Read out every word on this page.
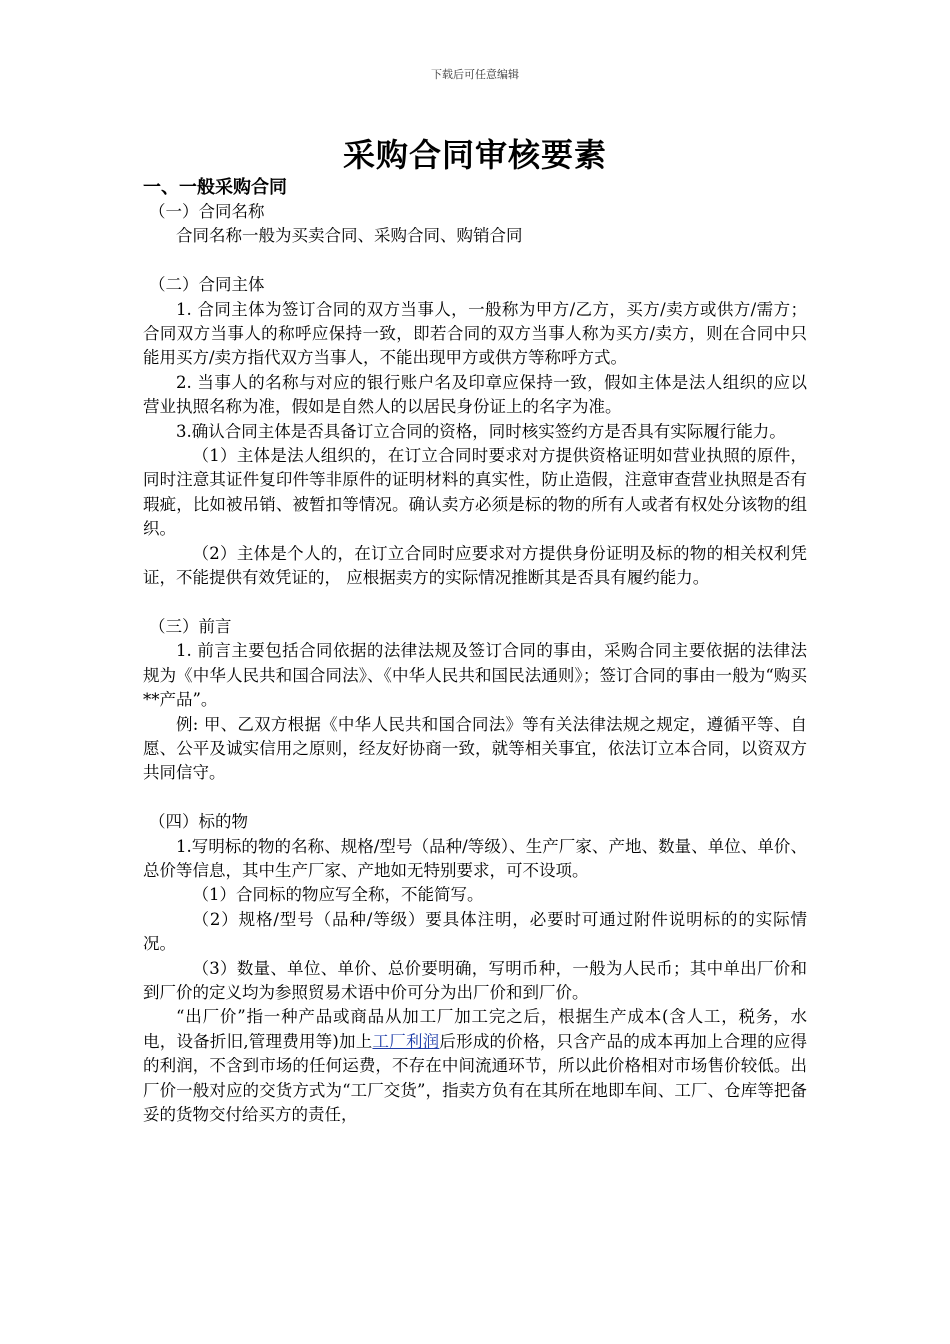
下载后可任意编辑
采购合同审核要素
一、一般采购合同
（一）合同名称
合同名称一般为买卖合同、采购合同、购销合同
（二）合同主体
1. 合同主体为签订合同的双方当事人，一般称为甲方/乙方，买方/卖方或供方/需方；合同双方当事人的称呼应保持一致，即若合同的双方当事人称为买方/卖方，则在合同中只能用买方/卖方指代双方当事人，不能出现甲方或供方等称呼方式。
2. 当事人的名称与对应的银行账户名及印章应保持一致，假如主体是法人组织的应以营业执照名称为准，假如是自然人的以居民身份证上的名字为准。
3.确认合同主体是否具备订立合同的资格，同时核实签约方是否具有实际履行能力。
（1）主体是法人组织的，在订立合同时要求对方提供资格证明如营业执照的原件，同时注意其证件复印件等非原件的证明材料的真实性，防止造假，注意审查营业执照是否有瑕疵，比如被吊销、被暂扣等情况。确认卖方必须是标的物的所有人或者有权处分该物的组织。
（2）主体是个人的，在订立合同时应要求对方提供身份证明及标的物的相关权利凭证，不能提供有效凭证的， 应根据卖方的实际情况推断其是否具有履约能力。
（三）前言
1. 前言主要包括合同依据的法律法规及签订合同的事由，采购合同主要依据的法律法规为《中华人民共和国合同法》、《中华人民共和国民法通则》；签订合同的事由一般为“购买**产品”。
例: 甲、乙双方根据《中华人民共和国合同法》等有关法律法规之规定，遵循平等、自愿、公平及诚实信用之原则，经友好协商一致，就等相关事宜，依法订立本合同，以资双方共同信守。
（四）标的物
1.写明标的物的名称、规格/型号（品种/等级）、生产厂家、产地、数量、单位、单价、总价等信息，其中生产厂家、产地如无特别要求，可不设项。
（1）合同标的物应写全称，不能简写。
（2）规格/型号（品种/等级）要具体注明，必要时可通过附件说明标的的实际情况。
（3）数量、单位、单价、总价要明确，写明币种，一般为人民币；其中单出厂价和到厂价的定义均为参照贸易术语中价可分为出厂价和到厂价。
“出厂价”指一种产品或商品从加工厂加工完之后，根据生产成本(含人工，税务，水电，设备折旧,管理费用等)加上工厂利润后形成的价格，只含产品的成本再加上合理的应得的利润，不含到市场的任何运费，不存在中间流通环节，所以此价格相对市场售价较低。出厂价一般对应的交货方式为“工厂交货”，指卖方负有在其所在地即车间、工厂、仓库等把备妥的货物交付给买方的责任，
